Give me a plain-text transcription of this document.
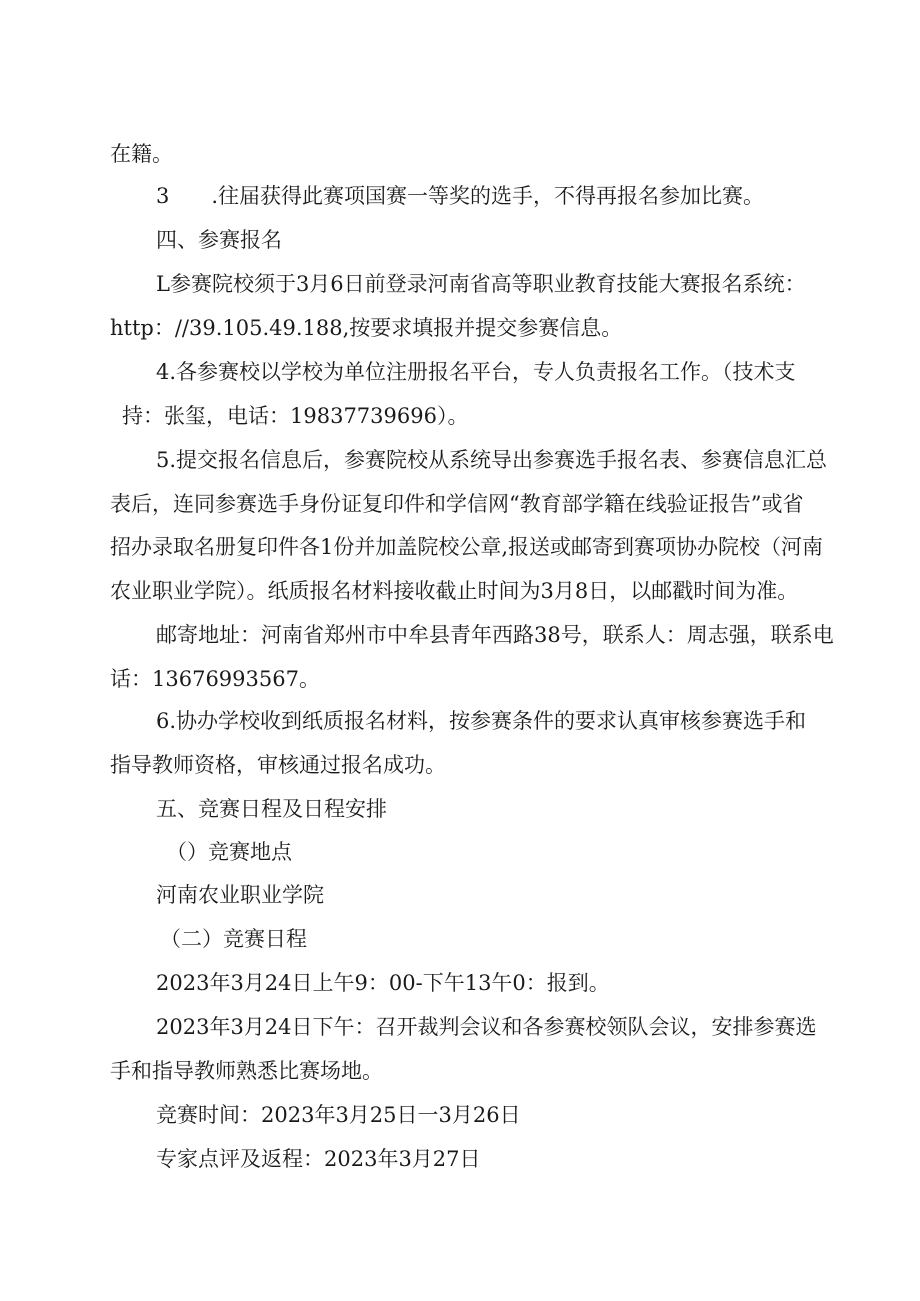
在籍。
3　　.往届获得此赛项国赛一等奖的选手，不得再报名参加比赛。
四、参赛报名
L参赛院校须于3月6日前登录河南省高等职业教育技能大赛报名系统：
http：//39.105.49.188,按要求填报并提交参赛信息。
4.各参赛校以学校为单位注册报名平台，专人负责报名工作。（技术支
持：张玺，电话：19837739696）。
5.提交报名信息后，参赛院校从系统导出参赛选手报名表、参赛信息汇总
表后，连同参赛选手身份证复印件和学信网“教育部学籍在线验证报告”或省
招办录取名册复印件各1份并加盖院校公章,报送或邮寄到赛项协办院校（河南
农业职业学院）。纸质报名材料接收截止时间为3月8日，以邮戳时间为准。
邮寄地址：河南省郑州市中牟县青年西路38号，联系人：周志强，联系电
话：13676993567。
6.协办学校收到纸质报名材料，按参赛条件的要求认真审核参赛选手和
指导教师资格，审核通过报名成功。
五、竞赛日程及日程安排
（）竞赛地点
河南农业职业学院
（二）竞赛日程
2023年3月24日上午9：00-下午13午0：报到。
2023年3月24日下午：召开裁判会议和各参赛校领队会议，安排参赛选
手和指导教师熟悉比赛场地。
竞赛时间：2023年3月25日一3月26日
专家点评及返程：2023年3月27日
